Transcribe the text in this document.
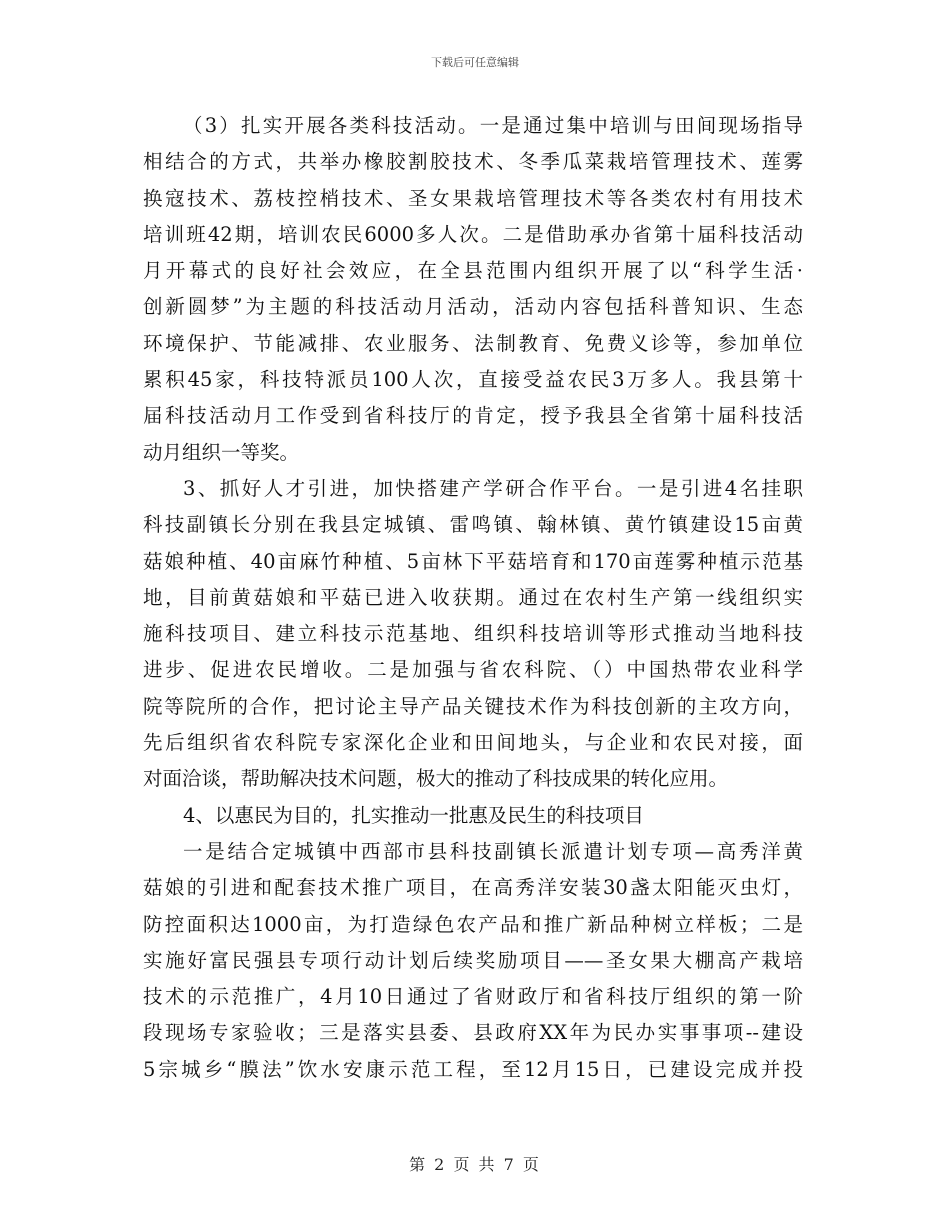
下载后可任意编辑
（3）扎实开展各类科技活动。一是通过集中培训与田间现场指导
相结合的方式，共举办橡胶割胶技术、冬季瓜菜栽培管理技术、莲雾
换寇技术、荔枝控梢技术、圣女果栽培管理技术等各类农村有用技术
培训班42期，培训农民6000多人次。二是借助承办省第十届科技活动
月开幕式的良好社会效应，在全县范围内组织开展了以“科学生活·
创新圆梦”为主题的科技活动月活动，活动内容包括科普知识、生态
环境保护、节能减排、农业服务、法制教育、免费义诊等，参加单位
累积45家，科技特派员100人次，直接受益农民3万多人。我县第十
届科技活动月工作受到省科技厅的肯定，授予我县全省第十届科技活
动月组织一等奖。
3、抓好人才引进，加快搭建产学研合作平台。一是引进4名挂职
科技副镇长分别在我县定城镇、雷鸣镇、翰林镇、黄竹镇建设15亩黄
菇娘种植、40亩麻竹种植、5亩林下平菇培育和170亩莲雾种植示范基
地，目前黄菇娘和平菇已进入收获期。通过在农村生产第一线组织实
施科技项目、建立科技示范基地、组织科技培训等形式推动当地科技
进步、促进农民增收。二是加强与省农科院、（）中国热带农业科学
院等院所的合作，把讨论主导产品关键技术作为科技创新的主攻方向，
先后组织省农科院专家深化企业和田间地头，与企业和农民对接，面
对面洽谈，帮助解决技术问题，极大的推动了科技成果的转化应用。
4、以惠民为目的，扎实推动一批惠及民生的科技项目
一是结合定城镇中西部市县科技副镇长派遣计划专项—高秀洋黄
菇娘的引进和配套技术推广项目，在高秀洋安装30盏太阳能灭虫灯，
防控面积达1000亩，为打造绿色农产品和推广新品种树立样板；二是
实施好富民强县专项行动计划后续奖励项目——圣女果大棚高产栽培
技术的示范推广，4月10日通过了省财政厅和省科技厅组织的第一阶
段现场专家验收；三是落实县委、县政府XX年为民办实事事项--建设
5宗城乡“膜法”饮水安康示范工程，至12月15日，已建设完成并投
第 2 页 共 7 页
